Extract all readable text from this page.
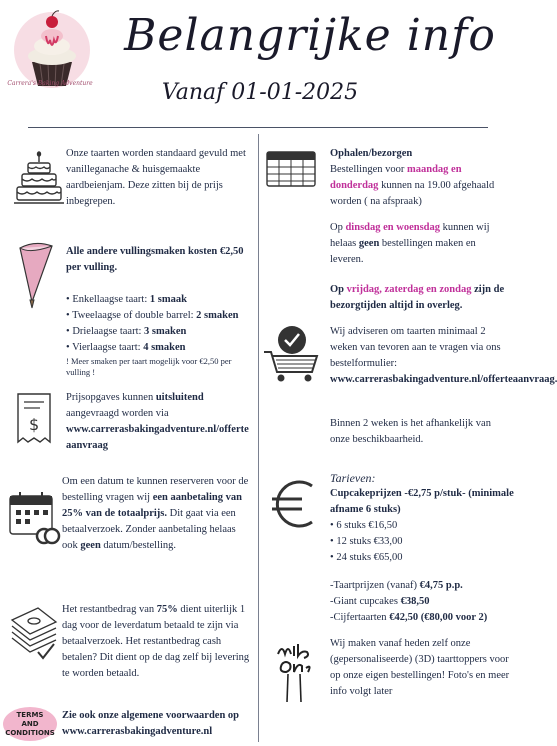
Carrera's Baking Adventure
Belangrijke info
Vanaf 01-01-2025
Onze taarten worden standaard gevuld met vanilleganache & huisgemaakte aardbeienjam. Deze zitten bij de prijs inbegrepen.
Alle andere vullingsmaken kosten €2,50 per vulling.
• Enkellaagse taart: 1 smaak
• Tweelaagse of double barrel: 2 smaken
• Drielaagse taart: 3 smaken
• Vierlaagse taart: 4 smaken
! Meer smaken per taart mogelijk voor €2,50 per vulling !
$
Prijsopgaves kunnen uitsluitend aangevraagd worden via
www.carrerasbakingadventure.nl/offerteaanvraag
Om een datum te kunnen reserveren voor de bestelling vragen wij een aanbetaling van 25% van de totaalprijs. Dit gaat via een betaalverzoek. Zonder aanbetaling helaas ook geen datum/bestelling.
Het restantbedrag van 75% dient uiterlijk 1 dag voor de leverdatum betaald te zijn via betaalverzoek. Het restantbedrag cash betalen? Dit dient op de dag zelf bij levering te worden betaald.
TERMS
AND
CONDITIONS
Zie ook onze algemene voorwaarden op www.carrerasbakingadventure.nl
Ophalen/bezorgen
Bestellingen voor maandag en donderdag kunnen na 19.00 afgehaald worden ( na afspraak)
Op dinsdag en woensdag kunnen wij helaas geen bestellingen maken en leveren.
Op vrijdag, zaterdag en zondag zijn de bezorgtijden altijd in overleg.
Wij adviseren om taarten minimaal 2 weken van tevoren aan te vragen via ons bestelformulier:
www.carrerasbakingadventure.nl/offerteaanvraag.
Binnen 2 weken is het afhankelijk van onze beschikbaarheid.
Tarieven:
Cupcakeprijzen -€2,75 p/stuk- (minimale afname 6 stuks)
• 6 stuks €16,50
• 12 stuks €33,00
• 24 stuks €65,00
-Taartprijzen (vanaf) €4,75 p.p.
-Giant cupcakes €38,50
-Cijfertaarten €42,50 (€80,00 voor 2)
Wij maken vanaf heden zelf onze (gepersonaliseerde) (3D) taarttoppers voor op onze eigen bestellingen! Foto's en meer info volgt later
